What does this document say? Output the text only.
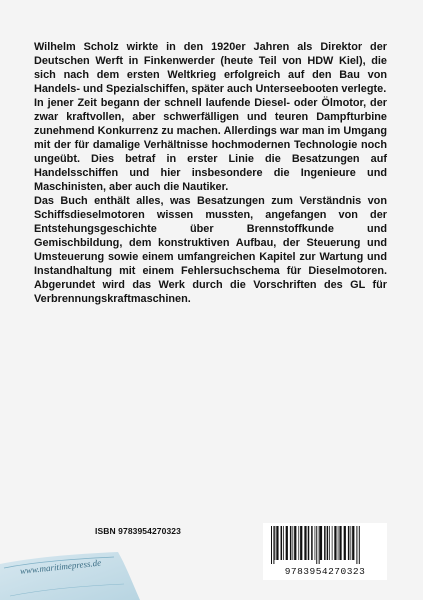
Wilhelm Scholz wirkte in den 1920er Jahren als Direktor der Deutschen Werft in Finkenwerder (heute Teil von HDW Kiel), die sich nach dem ersten Weltkrieg erfolgreich auf den Bau von Handels- und Spezialschiffen, später auch Unterseebooten verlegte.

In jener Zeit begann der schnell laufende Diesel- oder Ölmotor, der zwar kraftvollen, aber schwerfälligen und teuren Dampfturbine zunehmend Konkurrenz zu machen. Allerdings war man im Umgang mit der für damalige Verhältnisse hochmodernen Technologie noch ungeübt. Dies betraf in erster Linie die Besatzungen auf Handelsschiffen und hier insbesondere die Ingenieure und Maschinisten, aber auch die Nautiker.

Das Buch enthält alles, was Besatzungen zum Verständnis von Schiffsdieselmotoren wissen mussten, angefangen von der Entstehungsgeschichte über Brennstoffkunde und Gemischbildung, dem konstruktiven Aufbau, der Steuerung und Umsteuerung sowie einem umfangreichen Kapitel zur Wartung und Instandhaltung mit einem Fehlersuchschema für Dieselmotoren. Abgerundet wird das Werk durch die Vorschriften des GL für Verbrennungskraftmaschinen.

ISBN 9783954270323
9783954270323
www.maritimepress.de
